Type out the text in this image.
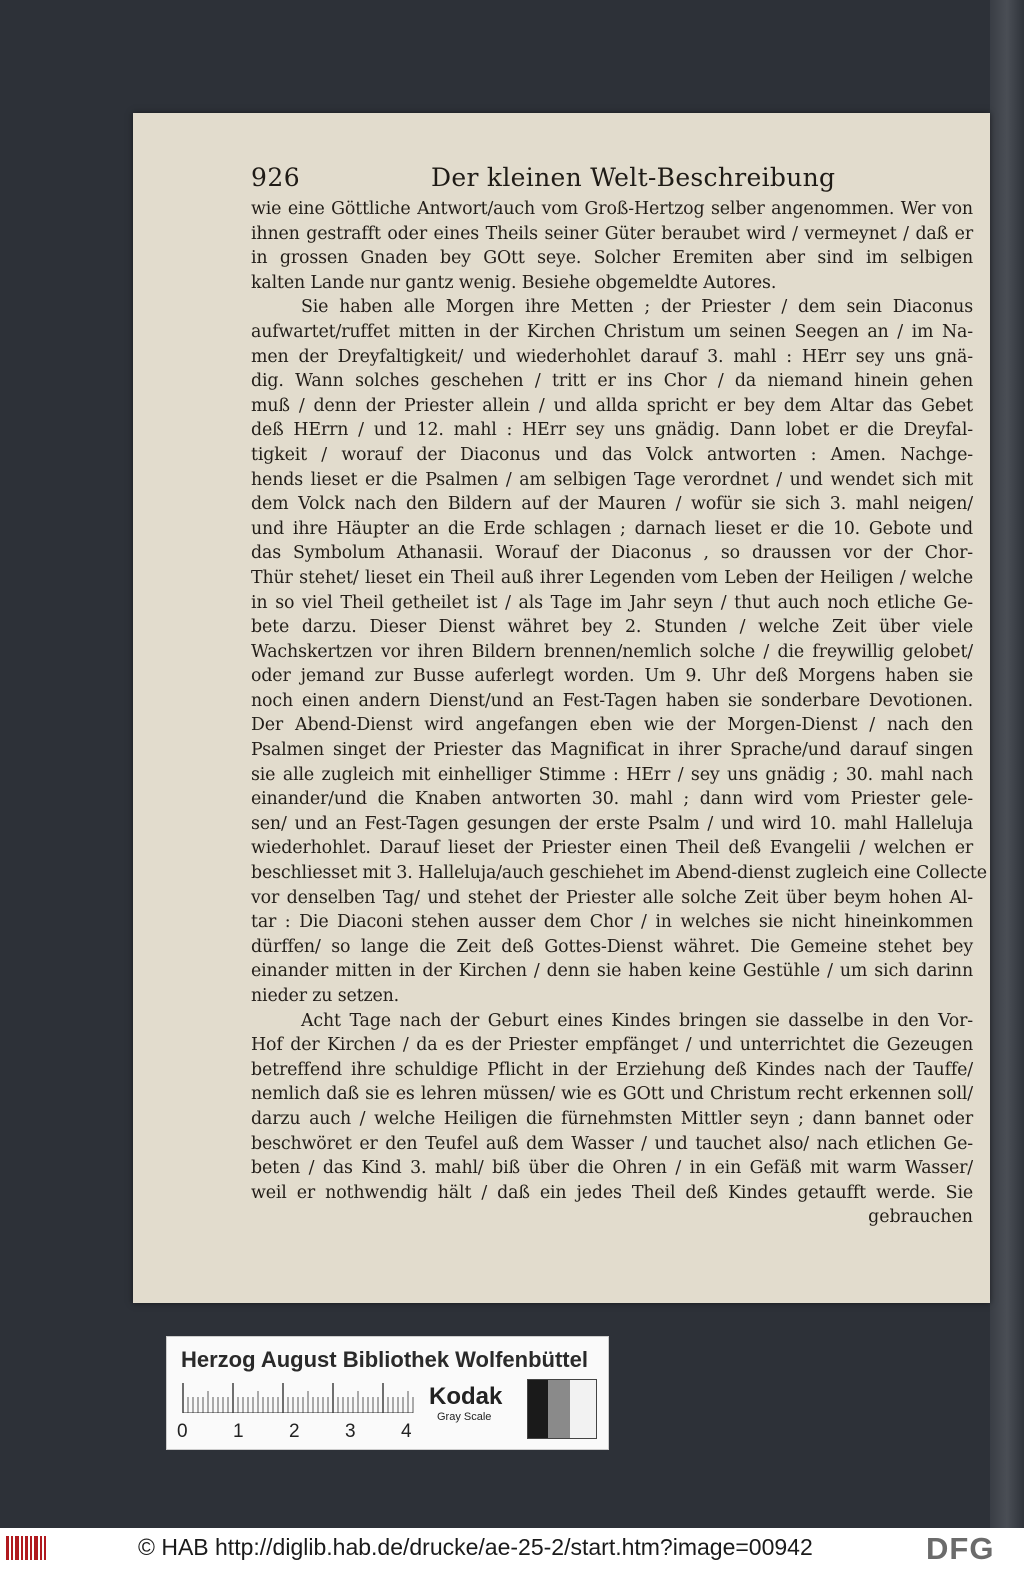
926	Der kleinen Welt-Beschreibung
wie eine Göttliche Antwort/auch vom Groß-Hertzog selber angenommen. Wer von
ihnen gestrafft oder eines Theils seiner Güter beraubet wird / vermeynet / daß er
in grossen Gnaden bey GOtt seye. Solcher Eremiten aber sind im selbigen
kalten Lande nur gantz wenig. Besiehe obgemeldte Autores.
Sie haben alle Morgen ihre Metten ; der Priester / dem sein Diaconus
aufwartet/ruffet mitten in der Kirchen Christum um seinen Seegen an / im Na-
men der Dreyfaltigkeit/ und wiederhohlet darauf 3. mahl : HErr sey uns gnä-
dig. Wann solches geschehen / tritt er ins Chor / da niemand hinein gehen
muß / denn der Priester allein / und allda spricht er bey dem Altar das Gebet
deß HErrn / und 12. mahl : HErr sey uns gnädig. Dann lobet er die Dreyfal-
tigkeit / worauf der Diaconus und das Volck antworten : Amen. Nachge-
hends lieset er die Psalmen / am selbigen Tage verordnet / und wendet sich mit
dem Volck nach den Bildern auf der Mauren / wofür sie sich 3. mahl neigen/
und ihre Häupter an die Erde schlagen ; darnach lieset er die 10. Gebote und
das Symbolum Athanasii. Worauf der Diaconus , so draussen vor der Chor-
Thür stehet/ lieset ein Theil auß ihrer Legenden vom Leben der Heiligen / welche
in so viel Theil getheilet ist / als Tage im Jahr seyn / thut auch noch etliche Ge-
bete darzu. Dieser Dienst währet bey 2. Stunden / welche Zeit über viele
Wachskertzen vor ihren Bildern brennen/nemlich solche / die freywillig gelobet/
oder jemand zur Busse auferlegt worden. Um 9. Uhr deß Morgens haben sie
noch einen andern Dienst/und an Fest-Tagen haben sie sonderbare Devotionen.
Der Abend-Dienst wird angefangen eben wie der Morgen-Dienst / nach den
Psalmen singet der Priester das Magnificat in ihrer Sprache/und darauf singen
sie alle zugleich mit einhelliger Stimme : HErr / sey uns gnädig ; 30. mahl nach
einander/und die Knaben antworten 30. mahl ; dann wird vom Priester gele-
sen/ und an Fest-Tagen gesungen der erste Psalm / und wird 10. mahl Halleluja
wiederhohlet. Darauf lieset der Priester einen Theil deß Evangelii / welchen er
beschliesset mit 3. Halleluja/auch geschiehet im Abend-dienst zugleich eine Collecte
vor denselben Tag/ und stehet der Priester alle solche Zeit über beym hohen Al-
tar : Die Diaconi stehen ausser dem Chor / in welches sie nicht hineinkommen
dürffen/ so lange die Zeit deß Gottes-Dienst währet. Die Gemeine stehet bey
einander mitten in der Kirchen / denn sie haben keine Gestühle / um sich darinn
nieder zu setzen.
Acht Tage nach der Geburt eines Kindes bringen sie dasselbe in den Vor-
Hof der Kirchen / da es der Priester empfänget / und unterrichtet die Gezeugen
betreffend ihre schuldige Pflicht in der Erziehung deß Kindes nach der Tauffe/
nemlich daß sie es lehren müssen/ wie es GOtt und Christum recht erkennen soll/
darzu auch / welche Heiligen die fürnehmsten Mittler seyn ; dann bannet oder
beschwöret er den Teufel auß dem Wasser / und tauchet also/ nach etlichen Ge-
beten / das Kind 3. mahl/ biß über die Ohren / in ein Gefäß mit warm Wasser/
weil er nothwendig hält / daß ein jedes Theil deß Kindes getaufft werde. Sie
gebrauchen
Herzog August Bibliothek Wolfenbüttel
0 1 2 3 4
Kodak
Gray Scale
© HAB http://diglib.hab.de/drucke/ae-25-2/start.htm?image=00942	DFG
